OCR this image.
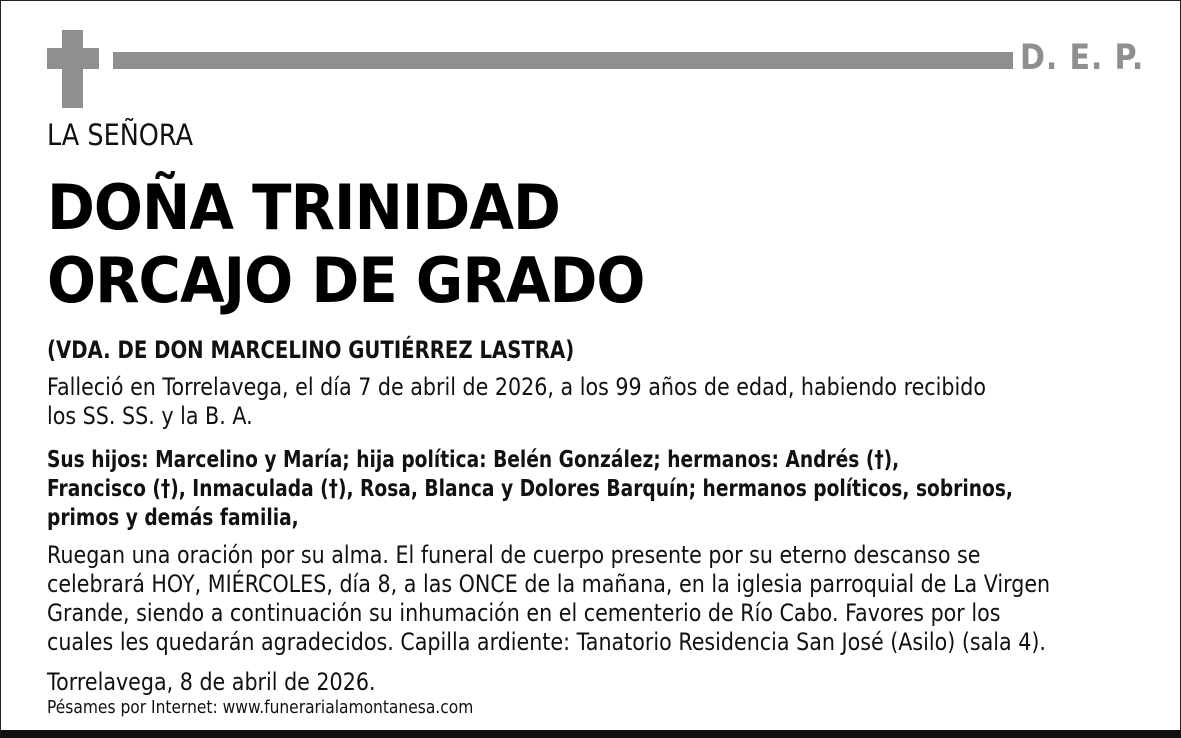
D. E. P.
LA SEÑORA
DOÑA TRINIDAD
ORCAJO DE GRADO
(VDA. DE DON MARCELINO GUTIÉRREZ LASTRA)
Falleció en Torrelavega, el día 7 de abril de 2026, a los 99 años de edad, habiendo recibido
los SS. SS. y la B. A.
Sus hijos: Marcelino y María; hija política: Belén González; hermanos: Andrés (†),
Francisco (†), Inmaculada (†), Rosa, Blanca y Dolores Barquín; hermanos políticos, sobrinos,
primos y demás familia,
Ruegan una oración por su alma. El funeral de cuerpo presente por su eterno descanso se
celebrará HOY, MIÉRCOLES, día 8, a las ONCE de la mañana, en la iglesia parroquial de La Virgen
Grande, siendo a continuación su inhumación en el cementerio de Río Cabo. Favores por los
cuales les quedarán agradecidos. Capilla ardiente: Tanatorio Residencia San José (Asilo) (sala 4).
Torrelavega, 8 de abril de 2026.
Pésames por Internet: www.funerarialamontanesa.com
